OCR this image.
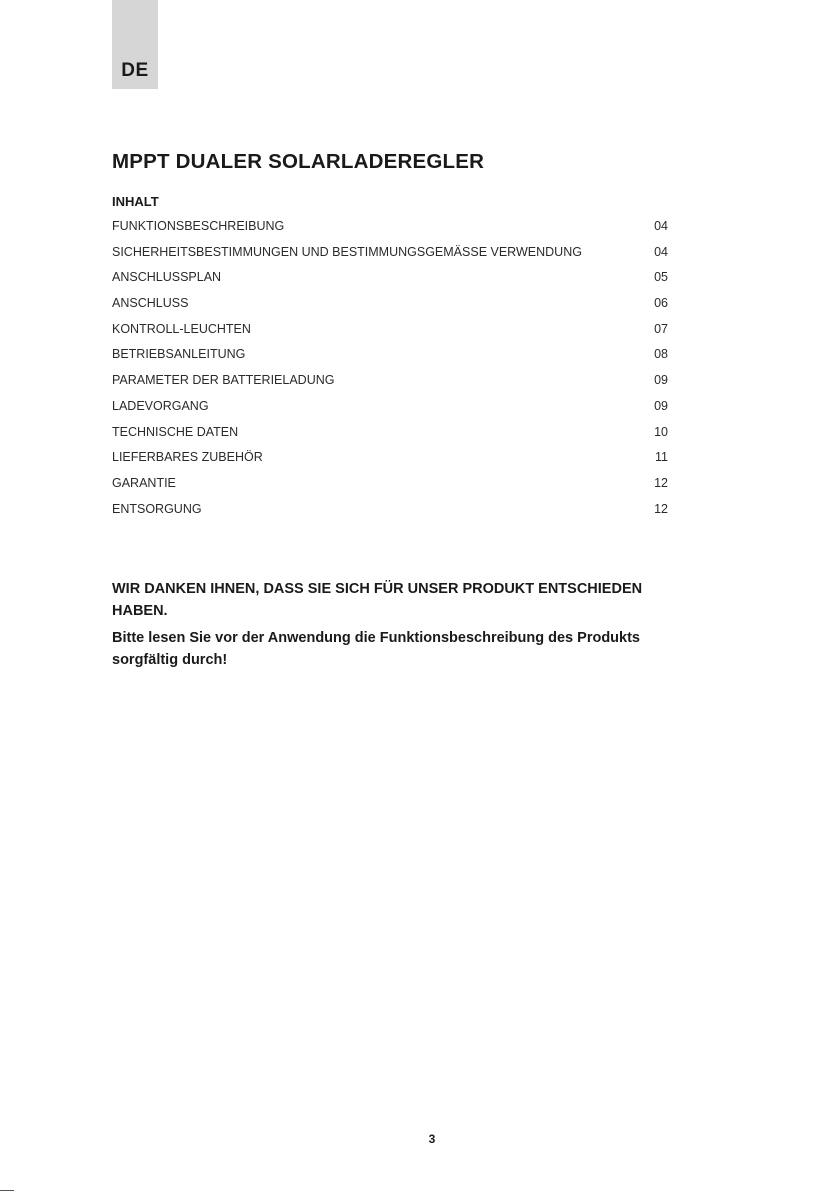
DE
MPPT DUALER SOLARLADEREGLER
INHALT
FUNKTIONSBESCHREIBUNG	04
SICHERHEITSBESTIMMUNGEN UND BESTIMMUNGSGEMÄSSE VERWENDUNG	04
ANSCHLUSSPLAN	05
ANSCHLUSS	06
KONTROLL-LEUCHTEN	07
BETRIEBSANLEITUNG	08
PARAMETER DER BATTERIELADUNG	09
LADEVORGANG	09
TECHNISCHE DATEN	10
LIEFERBARES ZUBEHÖR	11
GARANTIE	12
ENTSORGUNG	12

WIR DANKEN IHNEN, DASS SIE SICH FÜR UNSER PRODUKT ENTSCHIEDEN HABEN.

Bitte lesen Sie vor der Anwendung die Funktionsbeschreibung des Produkts sorgfältig durch!

3
